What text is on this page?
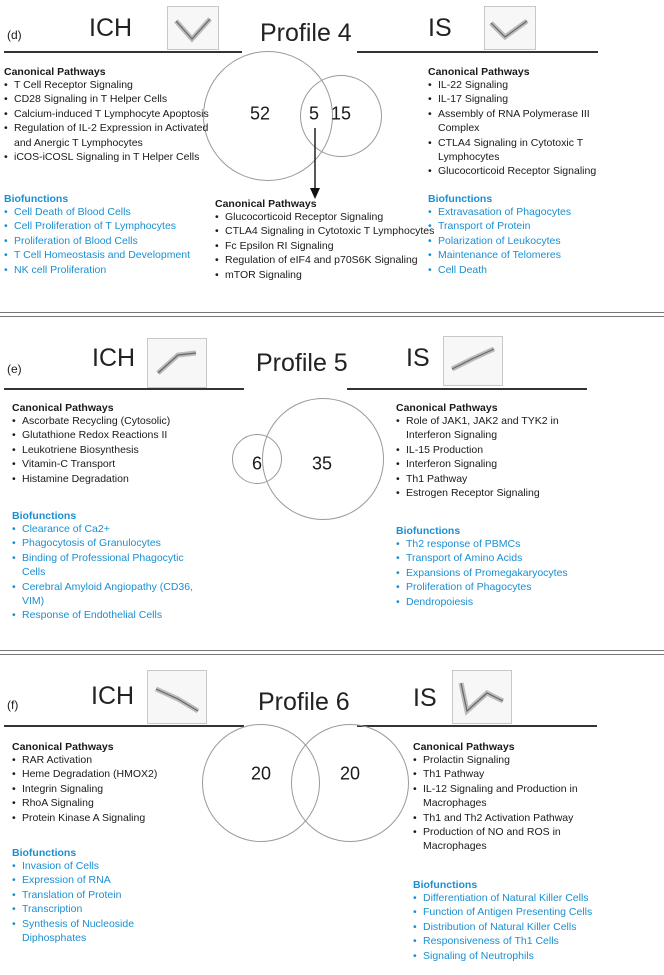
(d)	ICH	Profile 4	IS
52 5 15
Canonical Pathways
• T Cell Receptor Signaling
• CD28 Signaling in T Helper Cells
• Calcium-induced T Lymphocyte Apoptosis
• Regulation of IL-2 Expression in Activated and Anergic T Lymphocytes
• iCOS-iCOSL Signaling in T Helper Cells
Biofunctions
• Cell Death of Blood Cells
• Cell Proliferation of T Lymphocytes
• Proliferation of Blood Cells
• T Cell Homeostasis and Development
• NK cell Proliferation
Canonical Pathways
• IL-22 Signaling
• IL-17 Signaling
• Assembly of RNA Polymerase III Complex
• CTLA4 Signaling in Cytotoxic T Lymphocytes
• Glucocorticoid Receptor Signaling
Biofunctions
• Extravasation of Phagocytes
• Transport of Protein
• Polarization of Leukocytes
• Maintenance of Telomeres
• Cell Death
Canonical Pathways
• Glucocorticoid Receptor Signaling
• CTLA4 Signaling in Cytotoxic T Lymphocytes
• Fc Epsilon RI Signaling
• Regulation of eIF4 and p70S6K Signaling
• mTOR Signaling
(e)	ICH	Profile 5 IS
6	35
Canonical Pathways
• Ascorbate Recycling (Cytosolic)
• Glutathione Redox Reactions II
• Leukotriene Biosynthesis
• Vitamin-C Transport
• Histamine Degradation
Biofunctions
• Clearance of Ca2+
• Phagocytosis of Granulocytes
• Binding of Professional Phagocytic Cells
• Cerebral Amyloid Angiopathy (CD36, VIM)
• Response of Endothelial Cells
Canonical Pathways
• Role of JAK1, JAK2 and TYK2 in Interferon Signaling
• IL-15 Production
• Interferon Signaling
• Th1 Pathway
• Estrogen Receptor Signaling
Biofunctions
• Th2 response of PBMCs
• Transport of Amino Acids
• Expansions of Promegakaryocytes
• Proliferation of Phagocytes
• Dendropoiesis
(f)	ICH	Profile 6	IS
20	20
Canonical Pathways
• RAR Activation
• Heme Degradation (HMOX2)
• Integrin Signaling
• RhoA Signaling
• Protein Kinase A Signaling
Biofunctions
• Invasion of Cells
• Expression of RNA
• Translation of Protein
• Transcription
• Synthesis of Nucleoside Diphosphates
Canonical Pathways
• Prolactin Signaling
• Th1 Pathway
• IL-12 Signaling and Production in Macrophages
• Th1 and Th2 Activation Pathway
• Production of NO and ROS in Macrophages
Biofunctions
• Differentiation of Natural Killer Cells
• Function of Antigen Presenting Cells
• Distribution of Natural Killer Cells
• Responsiveness of Th1 Cells
• Signaling of Neutrophils
